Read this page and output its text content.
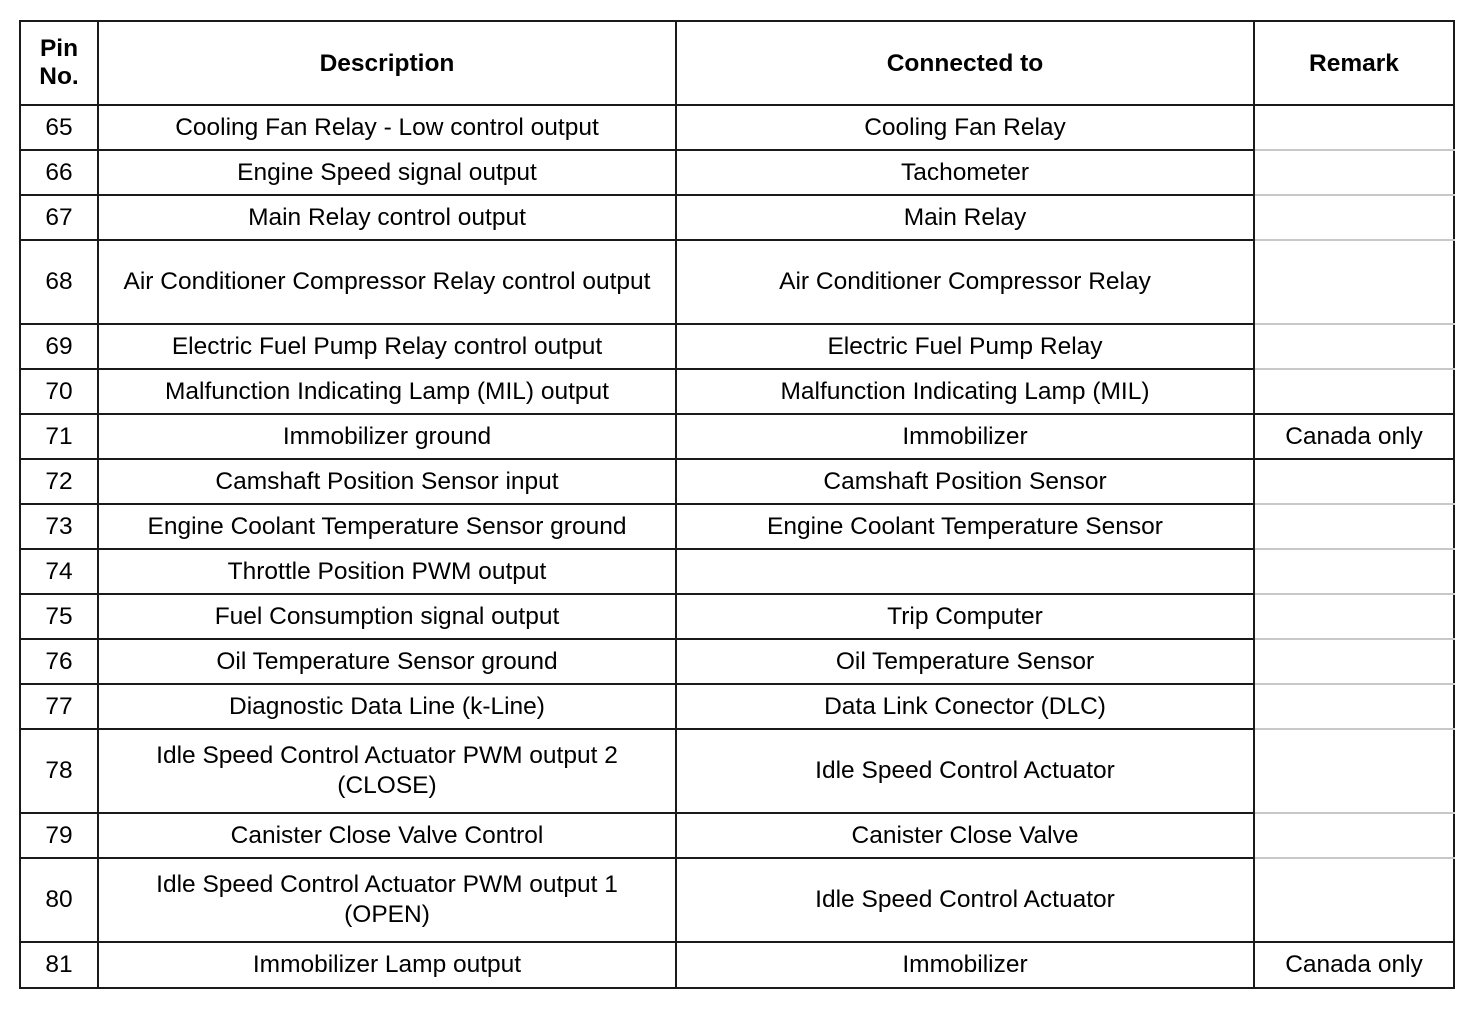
Pin
No.	Description	Connected to	Remark
65	Cooling Fan Relay - Low control output	Cooling Fan Relay	
66	Engine Speed signal output	Tachometer	
67	Main Relay control output	Main Relay	
68	Air Conditioner Compressor Relay control output	Air Conditioner Compressor Relay	
69	Electric Fuel Pump Relay control output	Electric Fuel Pump Relay	
70	Malfunction Indicating Lamp (MIL) output	Malfunction Indicating Lamp (MIL)	
71	Immobilizer ground	Immobilizer	Canada only
72	Camshaft Position Sensor input	Camshaft Position Sensor	
73	Engine Coolant Temperature Sensor ground	Engine Coolant Temperature Sensor	
74	Throttle Position PWM output		
75	Fuel Consumption signal output	Trip Computer	
76	Oil Temperature Sensor ground	Oil Temperature Sensor	
77	Diagnostic Data Line (k-Line)	Data Link Conector (DLC)	
78	Idle Speed Control Actuator PWM output 2 (CLOSE)	Idle Speed Control Actuator	
79	Canister Close Valve Control	Canister Close Valve	
80	Idle Speed Control Actuator PWM output 1 (OPEN)	Idle Speed Control Actuator	
81	Immobilizer Lamp output	Immobilizer	Canada only
